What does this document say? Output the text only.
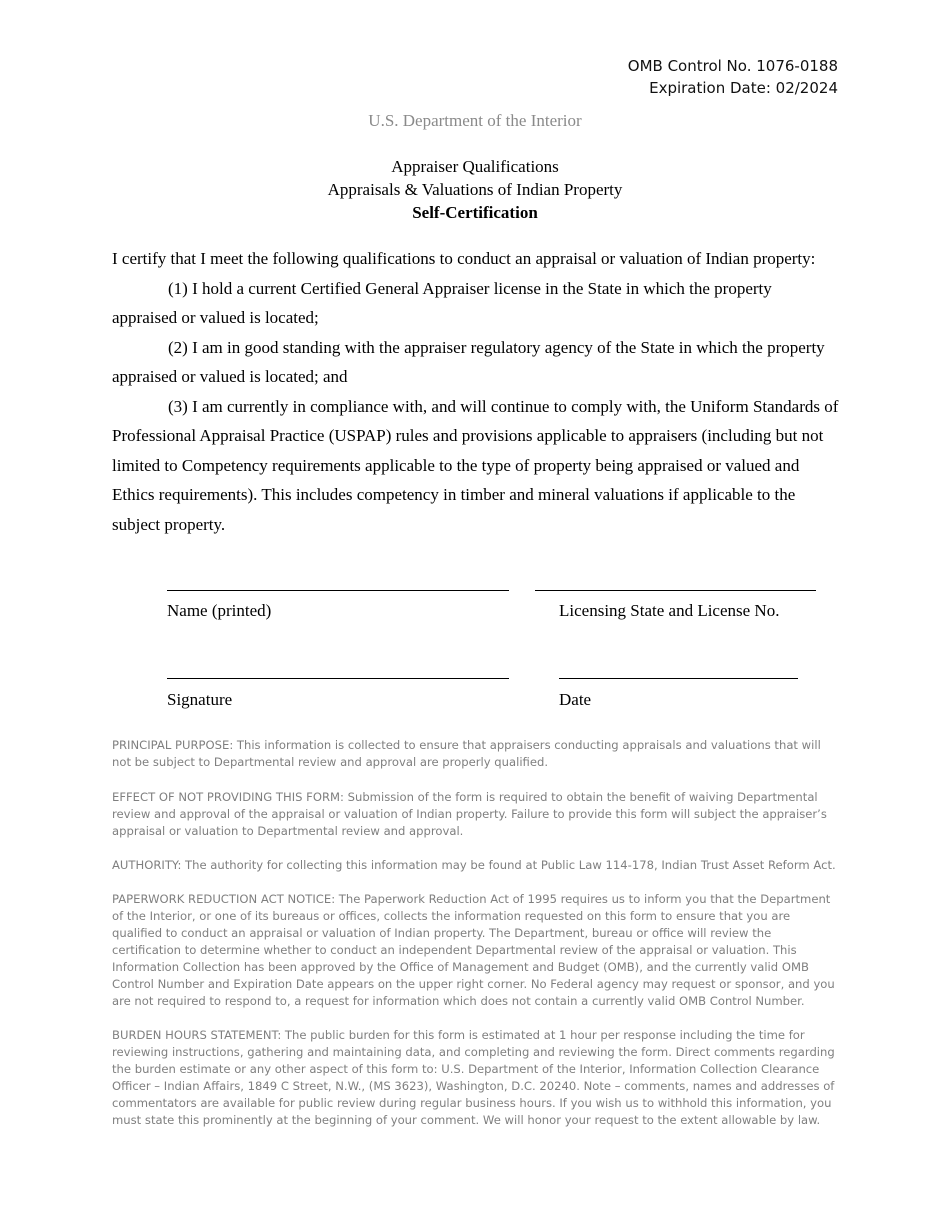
OMB Control No. 1076-0188
Expiration Date: 02/2024
U.S. Department of the Interior
Appraiser Qualifications
Appraisals & Valuations of Indian Property
Self-Certification

I certify that I meet the following qualifications to conduct an appraisal or valuation of Indian property:

(1) I hold a current Certified General Appraiser license in the State in which the property appraised or valued is located;

(2) I am in good standing with the appraiser regulatory agency of the State in which the property appraised or valued is located; and

(3) I am currently in compliance with, and will continue to comply with, the Uniform Standards of Professional Appraisal Practice (USPAP) rules and provisions applicable to appraisers (including but not limited to Competency requirements applicable to the type of property being appraised or valued and Ethics requirements). This includes competency in timber and mineral valuations if applicable to the subject property.

Name (printed)	Licensing State and License No.
Signature	Date

PRINCIPAL PURPOSE: This information is collected to ensure that appraisers conducting appraisals and valuations that will not be subject to Departmental review and approval are properly qualified.

EFFECT OF NOT PROVIDING THIS FORM: Submission of the form is required to obtain the benefit of waiving Departmental review and approval of the appraisal or valuation of Indian property. Failure to provide this form will subject the appraiser’s appraisal or valuation to Departmental review and approval.

AUTHORITY: The authority for collecting this information may be found at Public Law 114-178, Indian Trust Asset Reform Act.

PAPERWORK REDUCTION ACT NOTICE: The Paperwork Reduction Act of 1995 requires us to inform you that the Department of the Interior, or one of its bureaus or offices, collects the information requested on this form to ensure that you are qualified to conduct an appraisal or valuation of Indian property. The Department, bureau or office will review the certification to determine whether to conduct an independent Departmental review of the appraisal or valuation. This Information Collection has been approved by the Office of Management and Budget (OMB), and the currently valid OMB Control Number and Expiration Date appears on the upper right corner. No Federal agency may request or sponsor, and you are not required to respond to, a request for information which does not contain a currently valid OMB Control Number.

BURDEN HOURS STATEMENT: The public burden for this form is estimated at 1 hour per response including the time for reviewing instructions, gathering and maintaining data, and completing and reviewing the form. Direct comments regarding the burden estimate or any other aspect of this form to: U.S. Department of the Interior, Information Collection Clearance Officer – Indian Affairs, 1849 C Street, N.W., (MS 3623), Washington, D.C. 20240. Note – comments, names and addresses of commentators are available for public review during regular business hours. If you wish us to withhold this information, you must state this prominently at the beginning of your comment. We will honor your request to the extent allowable by law.
